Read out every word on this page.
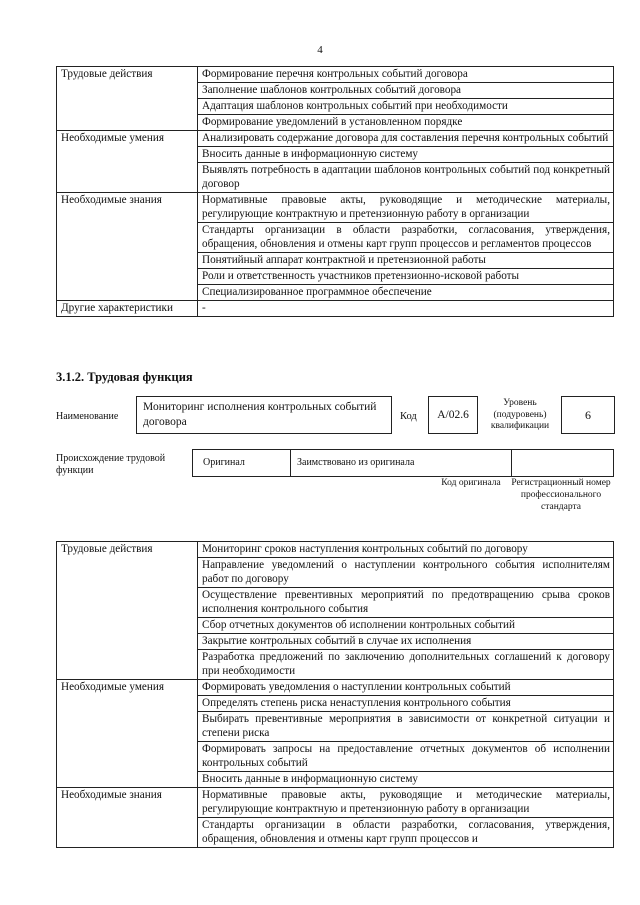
4
Трудовые действия	Формирование перечня контрольных событий договора
	Заполнение шаблонов контрольных событий договора
	Адаптация шаблонов контрольных событий при необходимости
	Формирование уведомлений в установленном порядке
Необходимые умения	Анализировать содержание договора для составления перечня контрольных событий
	Вносить данные в информационную систему
	Выявлять потребность в адаптации шаблонов контрольных событий под конкретный договор
Необходимые знания	Нормативные правовые акты, руководящие и методические материалы, регулирующие контрактную и претензионную работу в организации
	Стандарты организации в области разработки, согласования, утверждения, обращения, обновления и отмены карт групп процессов и регламентов процессов
	Понятийный аппарат контрактной и претензионной работы
	Роли и ответственность участников претензионно-исковой работы
	Специализированное программное обеспечение
Другие характеристики	-
3.1.2. Трудовая функция
Наименование
Мониторинг исполнения контрольных событий договора	Код	A/02.6
Уровень (подуровень) квалификации
6
Происхождение трудовой функции
Оригинал	Заимствовано из оригинала
Код оригинала	Регистрационный номер профессионального стандарта
Трудовые действия	Мониторинг сроков наступления контрольных событий по договору
	Направление уведомлений о наступлении контрольного события исполнителям работ по договору
	Осуществление превентивных мероприятий по предотвращению срыва сроков исполнения контрольного события
	Сбор отчетных документов об исполнении контрольных событий
	Закрытие контрольных событий в случае их исполнения
	Разработка предложений по заключению дополнительных соглашений к договору при необходимости
Необходимые умения	Формировать уведомления о наступлении контрольных событий
	Определять степень риска ненаступления контрольного события
	Выбирать превентивные мероприятия в зависимости от конкретной ситуации и степени риска
	Формировать запросы на предоставление отчетных документов об исполнении контрольных событий
	Вносить данные в информационную систему
Необходимые знания	Нормативные правовые акты, руководящие и методические материалы, регулирующие контрактную и претензионную работу в организации
	Стандарты организации в области разработки, согласования, утверждения, обращения, обновления и отмены карт групп процессов и
